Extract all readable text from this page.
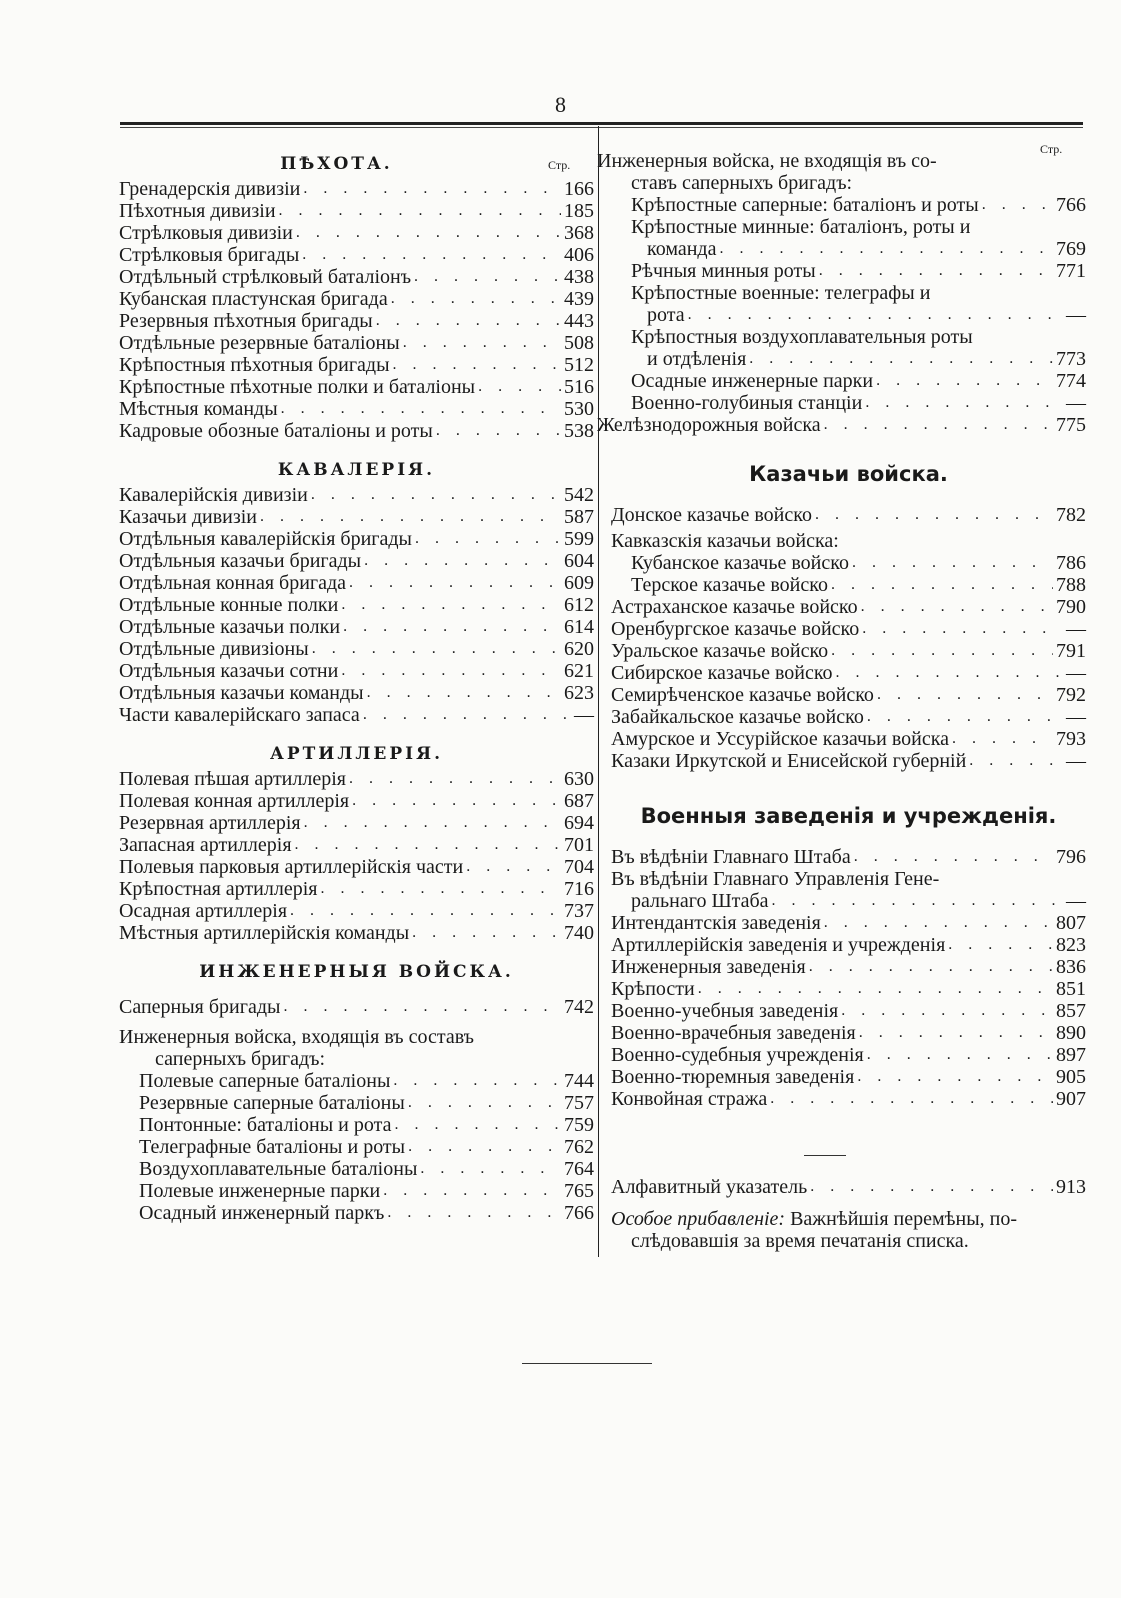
8
Стр.
Стр.
ПѢХОТА.
Гренадерскія дивизіи . . .	166
Пѣхотныя дивизіи . . .	185
Стрѣлковыя дивизіи . . .	368
Стрѣлковыя бригады . . .	406
Отдѣльный стрѣлковый баталіонъ . . .	438
Кубанская пластунская бригада . . .	439
Резервныя пѣхотныя бригады . . .	443
Отдѣльные резервные баталіоны . . .	508
Крѣпостныя пѣхотныя бригады . . .	512
Крѣпостные пѣхотные полки и баталіоны . . .	516
Мѣстныя команды . . .	530
Кадровые обозные баталіоны и роты . . .	538
КАВАЛЕРІЯ.
Кавалерійскія дивизіи . . .	542
Казачьи дивизіи . . .	587
Отдѣльныя кавалерійскія бригады . . .	599
Отдѣльныя казачьи бригады . . .	604
Отдѣльная конная бригада . . .	609
Отдѣльные конные полки . . .	612
Отдѣльные казачьи полки . . .	614
Отдѣльные дивизіоны . . .	620
Отдѣльныя казачьи сотни . . .	621
Отдѣльныя казачьи команды . . .	623
Части кавалерійскаго запаса . . .	—
АРТИЛЛЕРІЯ.
Полевая пѣшая артиллерія . . .	630
Полевая конная артиллерія . . .	687
Резервная артиллерія . . .	694
Запасная артиллерія . . .	701
Полевыя парковыя артиллерійскія части . . .	704
Крѣпостная артиллерія . . .	716
Осадная артиллерія . . .	737
Мѣстныя артиллерійскія команды . . .	740
ИНЖЕНЕРНЫЯ ВОЙСКА.
Саперныя бригады . . .	742
Инженерныя войска, входящія въ составъ
саперныхъ бригадъ:
Полевые саперные баталіоны . . .	744
Резервные саперные баталіоны . . .	757
Понтонные: баталіоны и рота . . .	759
Телеграфные баталіоны и роты . . .	762
Воздухоплавательные баталіоны . . .	764
Полевые инженерные парки . . .	765
Осадный инженерный паркъ . . .	766
Инженерныя войска, не входящія въ со-
ставъ саперныхъ бригадъ:
Крѣпостные саперные: баталіонъ и роты . . .	766
Крѣпостные минные: баталіонъ, роты и
команда . . .	769
Рѣчныя минныя роты . . .	771
Крѣпостные военные: телеграфы и
рота . . .	—
Крѣпостныя воздухоплавательныя роты
и отдѣленія . . .	773
Осадные инженерные парки . . .	774
Военно-голубиныя станціи . . .	—
Желѣзнодорожныя войска . . .	775
Казачьи войска.
Донское казачье войско . . .	782
Кавказскія казачьи войска:
Кубанское казачье войско . . .	786
Терское казачье войско . . .	788
Астраханское казачье войско . . .	790
Оренбургское казачье войско . . .	—
Уральское казачье войско . . .	791
Сибирское казачье войско . . .	—
Семирѣченское казачье войско . . .	792
Забайкальское казачье войско . . .	—
Амурское и Уссурійское казачьи войска . . .	793
Казаки Иркутской и Енисейской губерній . . .	—
Военныя заведенія и учрежденія.
Въ вѣдѣніи Главнаго Штаба . . .	796
Въ вѣдѣніи Главнаго Управленія Гене-
ральнаго Штаба . . .	—
Интендантскія заведенія . . .	807
Артиллерійскія заведенія и учрежденія . . .	823
Инженерныя заведенія . . .	836
Крѣпости . . .	851
Военно-учебныя заведенія . . .	857
Военно-врачебныя заведенія . . .	890
Военно-судебныя учрежденія . . .	897
Военно-тюремныя заведенія . . .	905
Конвойная стража . . .	907
Алфавитный указатель . . .	913
Особое прибавленіе:
Важнѣйшія перемѣны, по-
слѣдовавшія за время печатанія списка.
